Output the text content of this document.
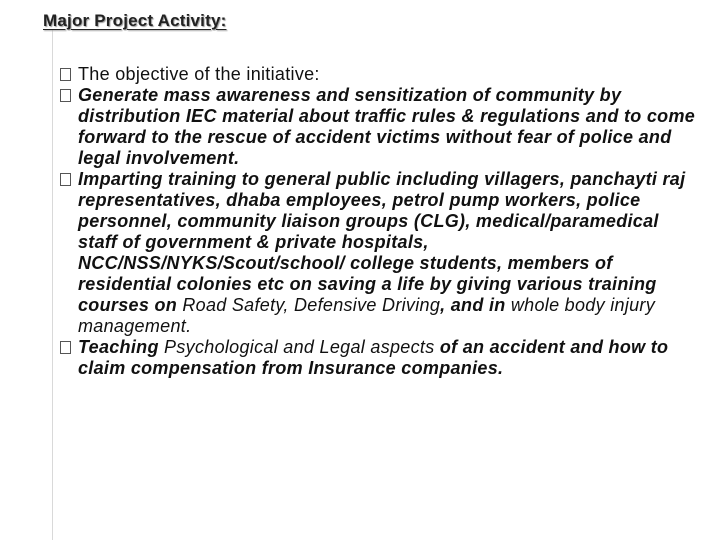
Major Project Activity:
The objective of the initiative:
Generate mass awareness and sensitization of community by distribution IEC material about traffic rules & regulations and to come forward to the rescue of accident victims without fear of police and legal involvement.
Imparting training to general public including villagers, panchayti raj representatives, dhaba employees, petrol pump workers, police personnel, community liaison groups (CLG), medical/paramedical staff of government & private hospitals, NCC/NSS/NYKS/Scout/school/ college students, members of residential colonies etc on saving a life by giving various training courses on Road Safety, Defensive Driving, and in whole body injury management.
Teaching Psychological and Legal aspects of an accident and how to claim compensation from Insurance companies.
